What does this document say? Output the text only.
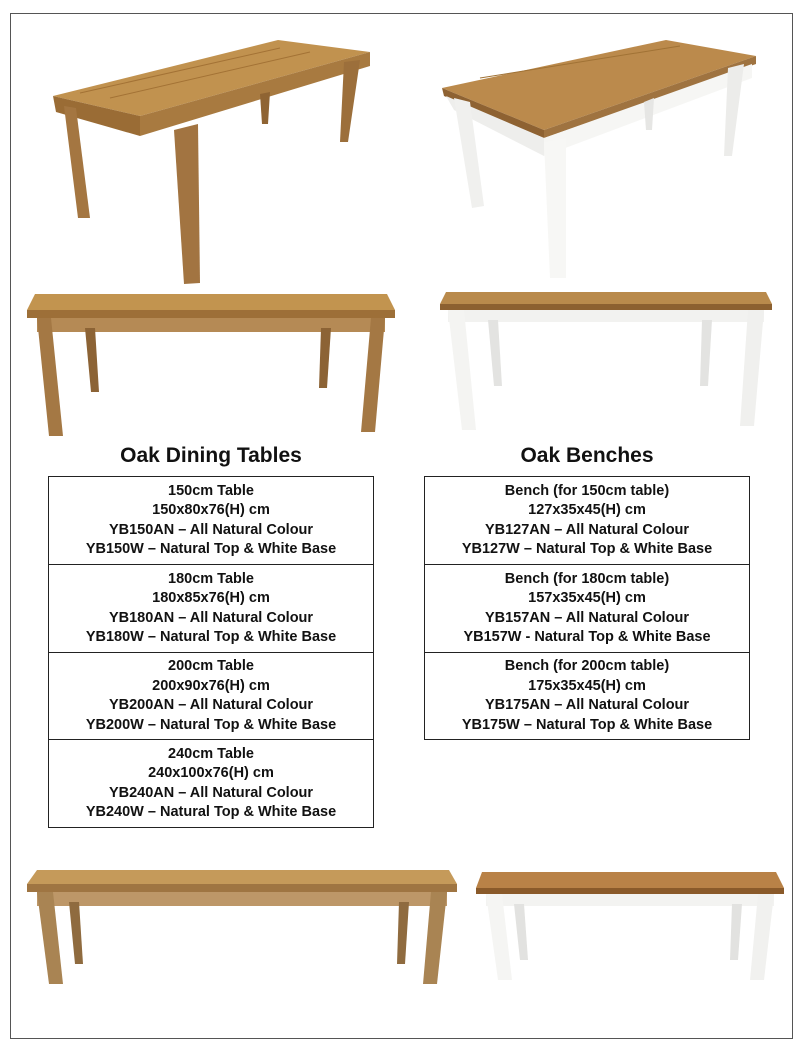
Oak Dining Tables	Oak Benches
150cm Table
150x80x76(H) cm
YB150AN – All Natural Colour
YB150W – Natural Top & White Base
180cm Table
180x85x76(H) cm
YB180AN – All Natural Colour
YB180W – Natural Top & White Base
200cm Table
200x90x76(H) cm
YB200AN – All Natural Colour
YB200W – Natural Top & White Base
240cm Table
240x100x76(H) cm
YB240AN – All Natural Colour
YB240W – Natural Top & White Base
Bench (for 150cm table)
127x35x45(H) cm
YB127AN – All Natural Colour
YB127W – Natural Top & White Base
Bench (for 180cm table)
157x35x45(H) cm
YB157AN – All Natural Colour
YB157W - Natural Top & White Base
Bench (for 200cm table)
175x35x45(H) cm
YB175AN – All Natural Colour
YB175W – Natural Top & White Base
